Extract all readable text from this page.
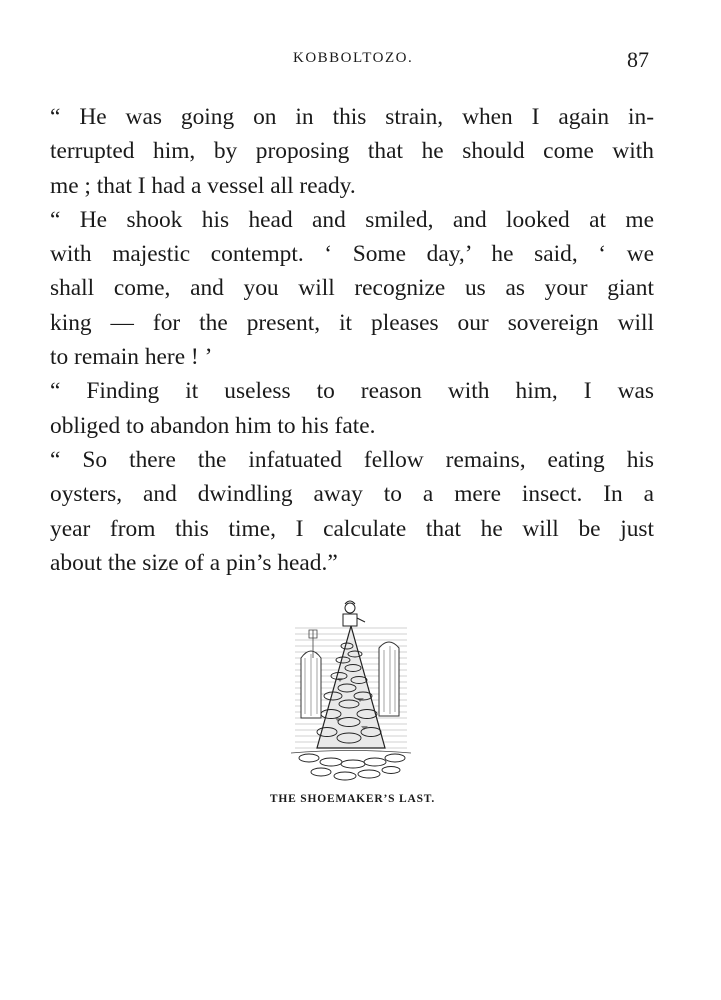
KOBBOLTOZO.	87
“ He was going on in this strain, when I again in-
terrupted him, by proposing that he should come with
me ; that I had a vessel all ready.
“ He shook his head and smiled, and looked at me
with majestic contempt. ‘ Some day,’ he said, ‘ we
shall come, and you will recognize us as your giant
king — for the present, it pleases our sovereign will
to remain here ! ’
“ Finding it useless to reason with him, I was
obliged to abandon him to his fate.
“ So there the infatuated fellow remains, eating his
oysters, and dwindling away to a mere insect. In a
year from this time, I calculate that he will be just
about the size of a pin’s head.”
THE SHOEMAKER’S LAST.
